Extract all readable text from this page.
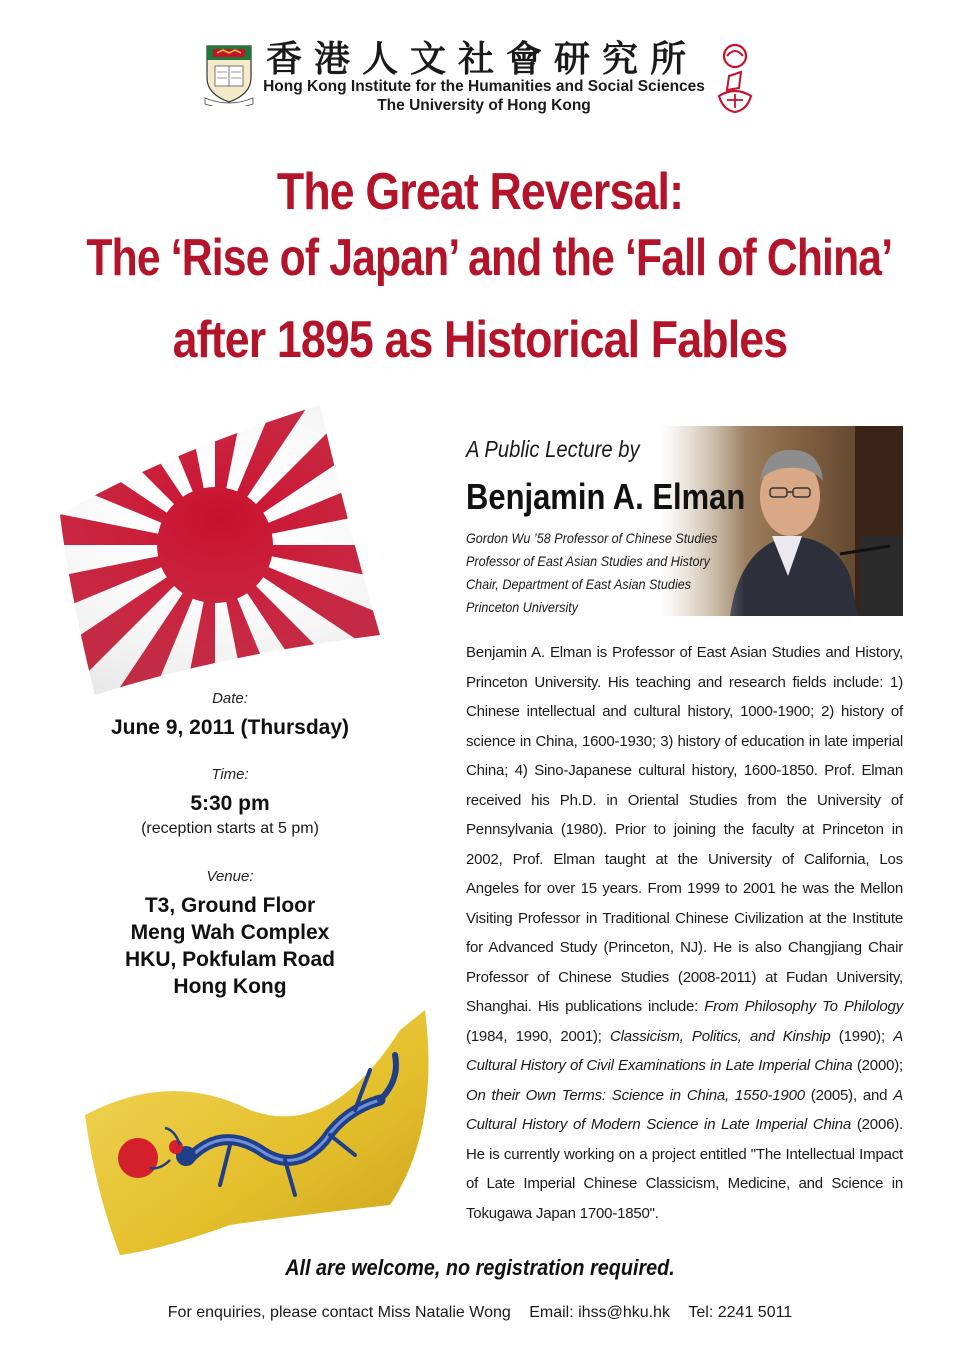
香港人文社會研究所
Hong Kong Institute for the Humanities and Social Sciences
The University of Hong Kong
The Great Reversal:
The ‘Rise of Japan’ and the ‘Fall of China’
after 1895 as Historical Fables
Date:
June 9, 2011 (Thursday)
Time:
5:30 pm
(reception starts at 5 pm)
Venue:
T3, Ground Floor
Meng Wah Complex
HKU, Pokfulam Road
Hong Kong
A Public Lecture by
Benjamin A. Elman
Gordon Wu ’58 Professor of Chinese Studies
Professor of East Asian Studies and History
Chair, Department of East Asian Studies
Princeton University

Benjamin A. Elman is Professor of East Asian Studies and History, Princeton University. His teaching and research fields include: 1) Chinese intellectual and cultural history, 1000-1900; 2) history of science in China, 1600-1930; 3) history of education in late imperial China; 4) Sino-Japanese cultural history, 1600-1850. Prof. Elman received his Ph.D. in Oriental Studies from the University of Pennsylvania (1980). Prior to joining the faculty at Princeton in 2002, Prof. Elman taught at the University of California, Los Angeles for over 15 years. From 1999 to 2001 he was the Mellon Visiting Professor in Traditional Chinese Civilization at the Institute for Advanced Study (Princeton, NJ). He is also Changjiang Chair Professor of Chinese Studies (2008-2011) at Fudan University, Shanghai. His publications include: From Philosophy To Philology (1984, 1990, 2001); Classicism, Politics, and Kinship (1990); A Cultural History of Civil Examinations in Late Imperial China (2000); On their Own Terms: Science in China, 1550-1900 (2005), and A Cultural History of Modern Science in Late Imperial China (2006). He is currently working on a project entitled "The Intellectual Impact of Late Imperial Chinese Classicism, Medicine, and Science in Tokugawa Japan 1700-1850".

All are welcome, no registration required.
For enquiries, please contact Miss Natalie Wong Email: ihss@hku.hk Tel: 2241 5011
